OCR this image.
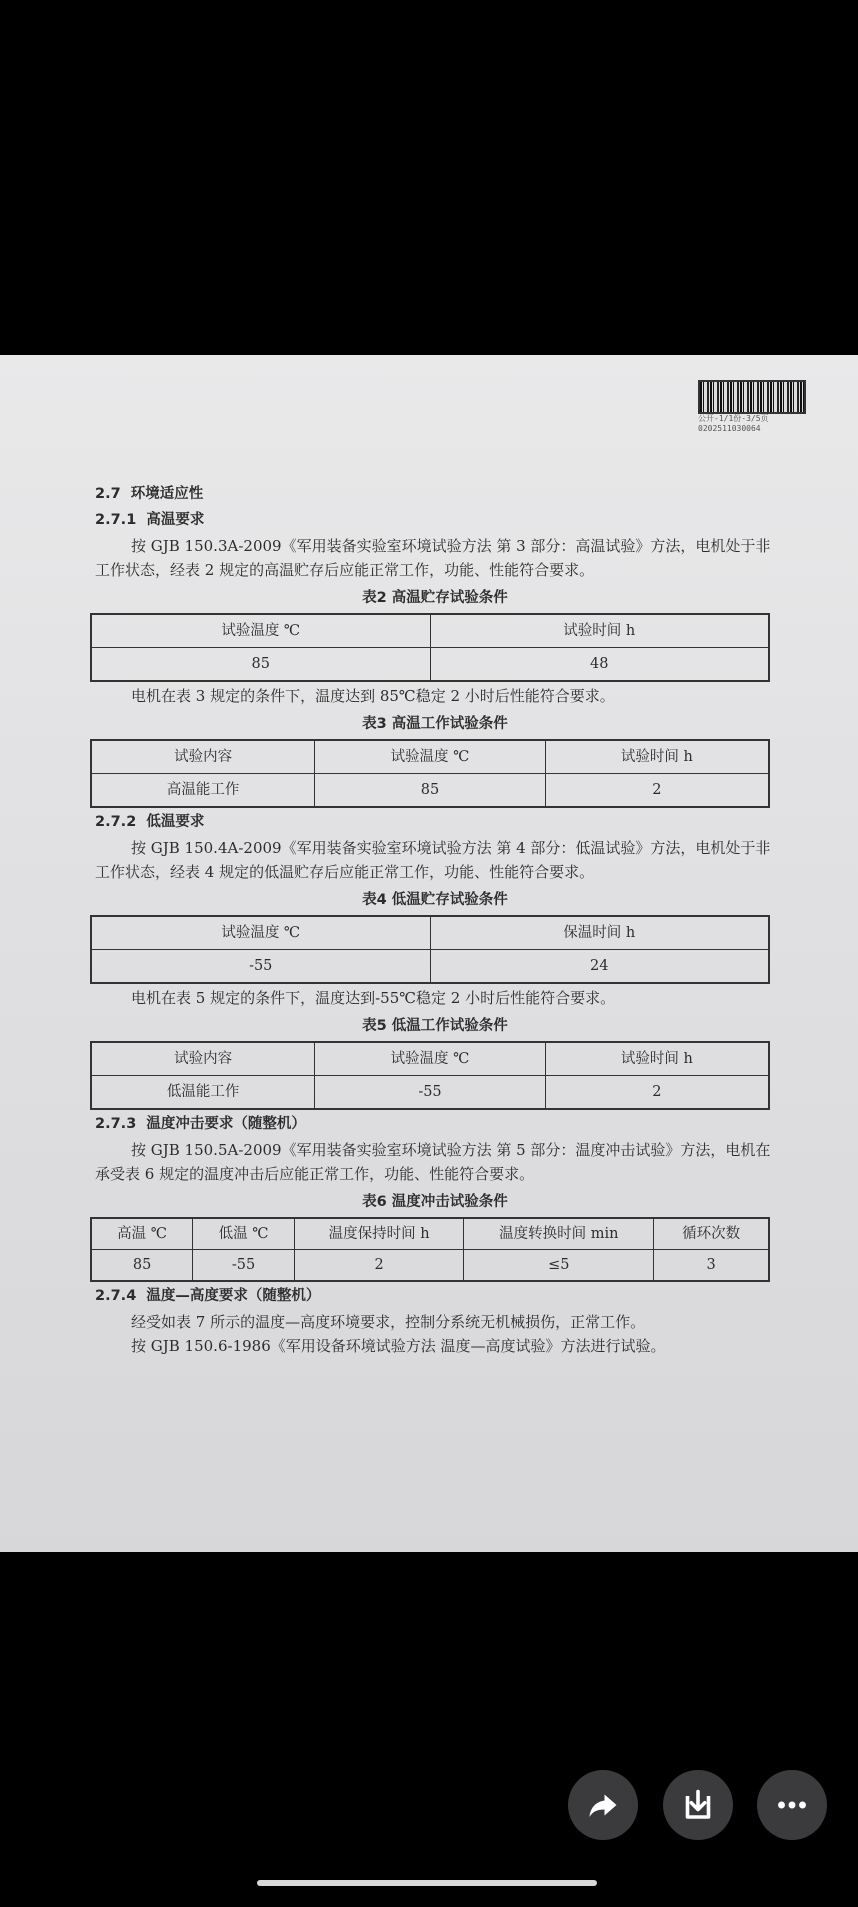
公开-1/1份-3/5页
0202511030064
2.7  环境适应性
2.7.1  高温要求

按 GJB 150.3A-2009《军用装备实验室环境试验方法 第 3 部分：高温试验》方法，电机处于非工作状态，经表 2 规定的高温贮存后应能正常工作，功能、性能符合要求。

表2 高温贮存试验条件
试验温度 ℃	试验时间 h
85	48

电机在表 3 规定的条件下，温度达到 85℃稳定 2 小时后性能符合要求。

表3 高温工作试验条件
试验内容	试验温度 ℃	试验时间 h
高温能工作	85	2
2.7.2  低温要求

按 GJB 150.4A-2009《军用装备实验室环境试验方法 第 4 部分：低温试验》方法，电机处于非工作状态，经表 4 规定的低温贮存后应能正常工作，功能、性能符合要求。

表4 低温贮存试验条件
试验温度 ℃	保温时间 h
-55	24

电机在表 5 规定的条件下，温度达到-55℃稳定 2 小时后性能符合要求。

表5 低温工作试验条件
试验内容	试验温度 ℃	试验时间 h
低温能工作	-55	2
2.7.3  温度冲击要求（随整机）

按 GJB 150.5A-2009《军用装备实验室环境试验方法 第 5 部分：温度冲击试验》方法，电机在承受表 6 规定的温度冲击后应能正常工作，功能、性能符合要求。

表6 温度冲击试验条件
高温 ℃	低温 ℃	温度保持时间 h	温度转换时间 min	循环次数
85	-55	2	≤5	3
2.7.4  温度—高度要求（随整机）

经受如表 7 所示的温度—高度环境要求，控制分系统无机械损伤，正常工作。

按 GJB 150.6-1986《军用设备环境试验方法 温度—高度试验》方法进行试验。
